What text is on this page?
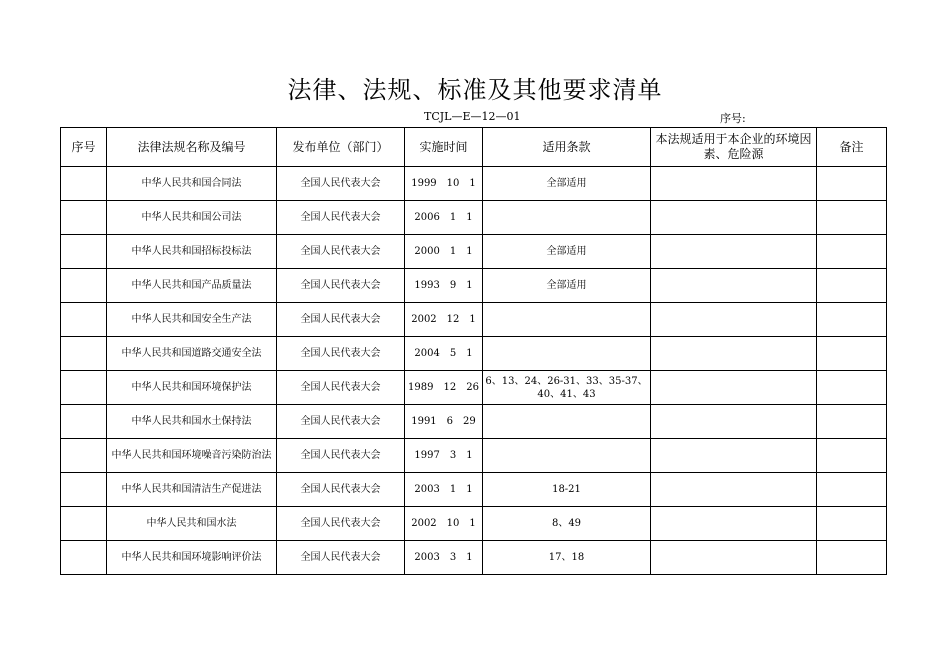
法律、法规、标准及其他要求清单
TCJL—E—12—01	序号:
序号	法律法规名称及编号	发布单位（部门）	实施时间	适用条款	本法规适用于本企业的环境因素、危险源	备注
	中华人民共和国合同法	全国人民代表大会	1999 10 1	全部适用		
	中华人民共和国公司法	全国人民代表大会	2006 1 1			
	中华人民共和国招标投标法	全国人民代表大会	2000 1 1	全部适用		
	中华人民共和国产品质量法	全国人民代表大会	1993 9 1	全部适用		
	中华人民共和国安全生产法	全国人民代表大会	2002 12 1			
	中华人民共和国道路交通安全法	全国人民代表大会	2004 5 1			
	中华人民共和国环境保护法	全国人民代表大会	1989 12 26	6、13、24、26-31、33、35-37、40、41、43		
	中华人民共和国水土保持法	全国人民代表大会	1991 6 29			
	中华人民共和国环境噪音污染防治法	全国人民代表大会	1997 3 1			
	中华人民共和国清洁生产促进法	全国人民代表大会	2003 1 1	18-21		
	中华人民共和国水法	全国人民代表大会	2002 10 1	8、49		
	中华人民共和国环境影响评价法	全国人民代表大会	2003 3 1	17、18		
